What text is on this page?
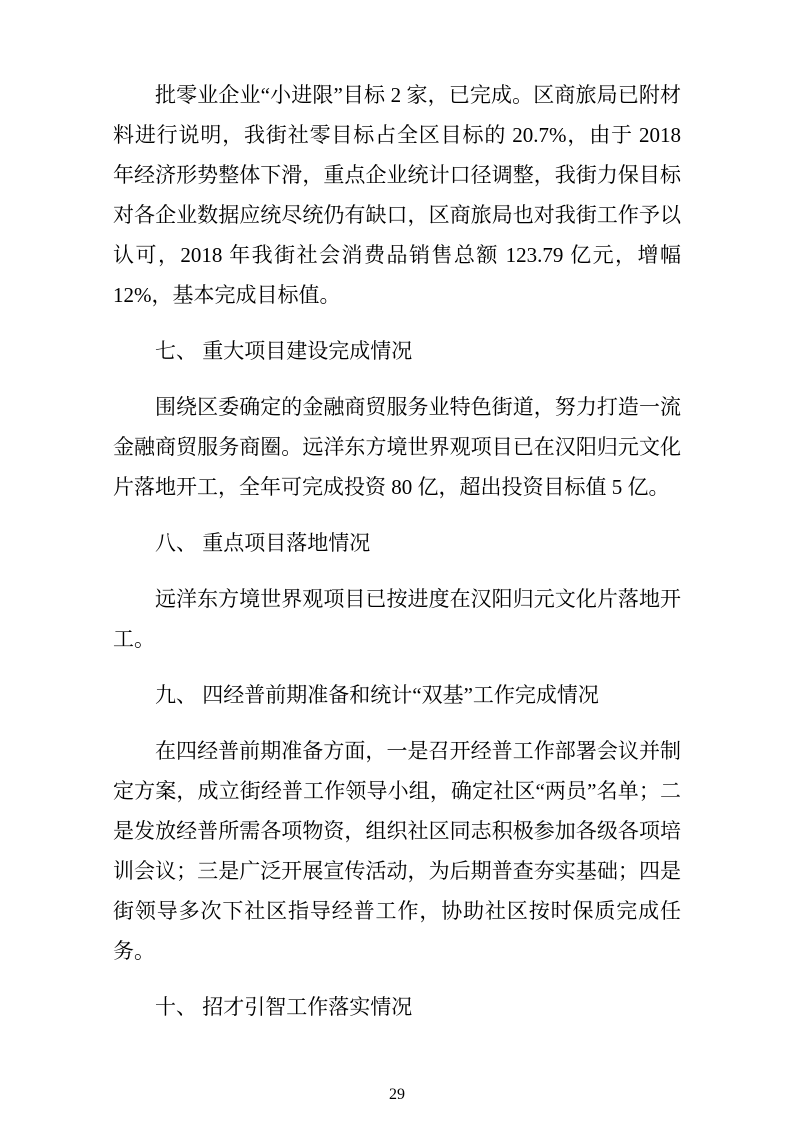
批零业企业“小进限”目标 2 家，已完成。区商旅局已附材料进行说明，我街社零目标占全区目标的 20.7%，由于 2018 年经济形势整体下滑，重点企业统计口径调整，我街力保目标对各企业数据应统尽统仍有缺口，区商旅局也对我街工作予以认可，2018 年我街社会消费品销售总额 123.79 亿元，增幅 12%，基本完成目标值。

七、 重大项目建设完成情况

围绕区委确定的金融商贸服务业特色街道，努力打造一流金融商贸服务商圈。远洋东方境世界观项目已在汉阳归元文化片落地开工，全年可完成投资 80 亿，超出投资目标值 5 亿。

八、 重点项目落地情况

远洋东方境世界观项目已按进度在汉阳归元文化片落地开工。

九、 四经普前期准备和统计“双基”工作完成情况

在四经普前期准备方面，一是召开经普工作部署会议并制定方案，成立街经普工作领导小组，确定社区“两员”名单；二是发放经普所需各项物资，组织社区同志积极参加各级各项培训会议；三是广泛开展宣传活动，为后期普查夯实基础；四是街领导多次下社区指导经普工作，协助社区按时保质完成任务。

十、 招才引智工作落实情况

29
